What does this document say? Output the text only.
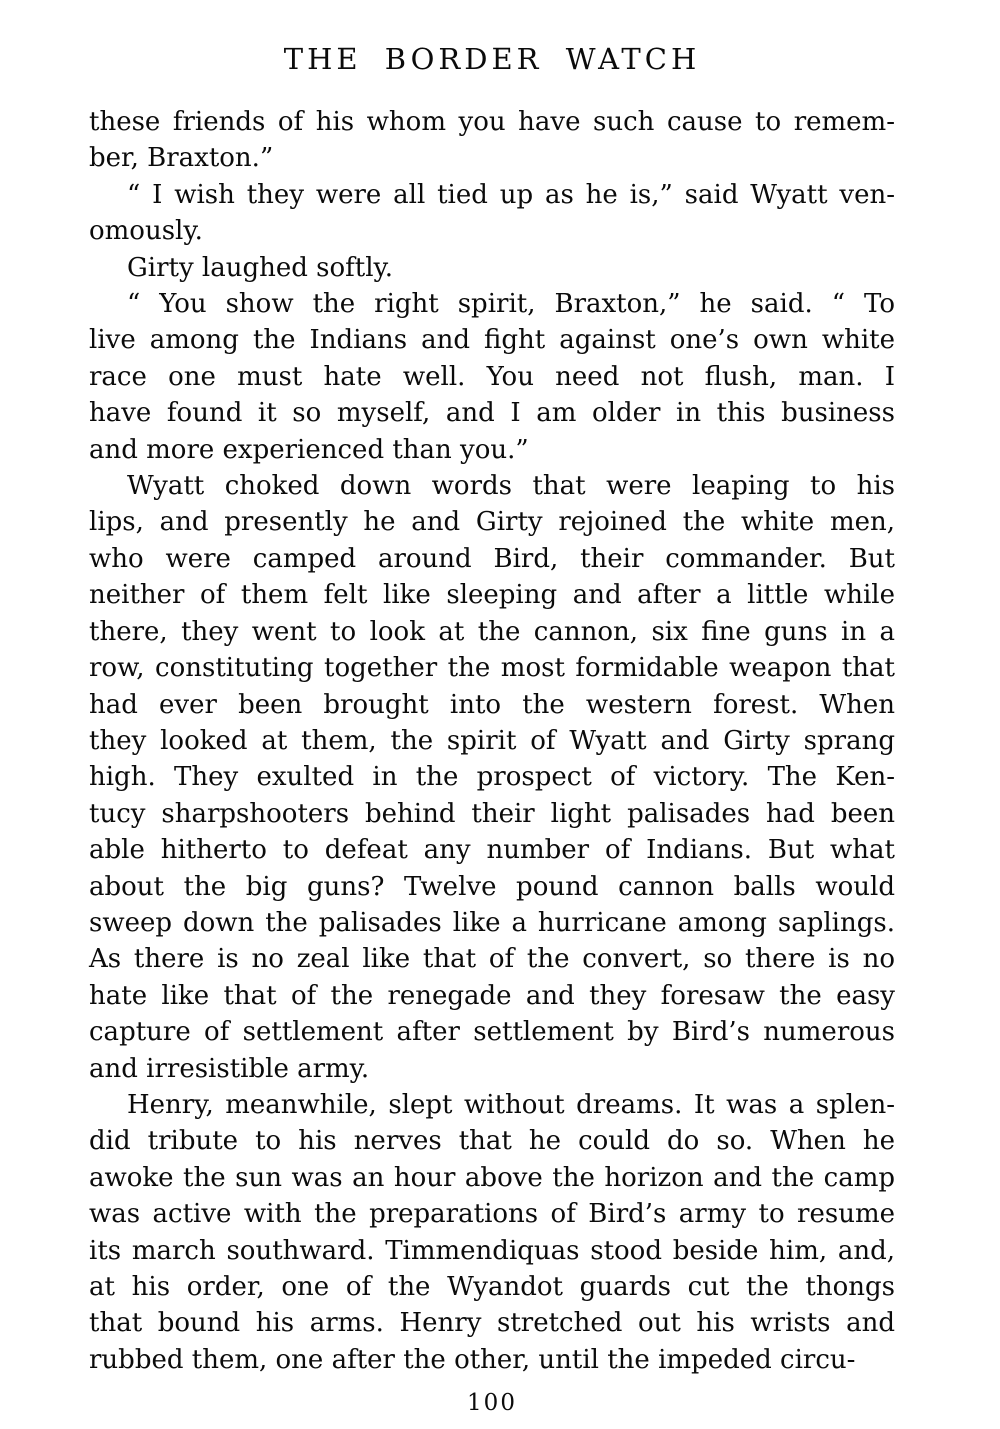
THE BORDER WATCH
these friends of his whom you have such cause to remem-
ber, Braxton.”
“ I wish they were all tied up as he is,” said Wyatt ven-
omously.
Girty laughed softly.
“ You show the right spirit, Braxton,” he said. “ To
live among the Indians and fight against one’s own white
race one must hate well. You need not flush, man. I
have found it so myself, and I am older in this business
and more experienced than you.”
Wyatt choked down words that were leaping to his
lips, and presently he and Girty rejoined the white men,
who were camped around Bird, their commander. But
neither of them felt like sleeping and after a little while
there, they went to look at the cannon, six fine guns in a
row, constituting together the most formidable weapon that
had ever been brought into the western forest. When
they looked at them, the spirit of Wyatt and Girty sprang
high. They exulted in the prospect of victory. The Ken-
tucy sharpshooters behind their light palisades had been
able hitherto to defeat any number of Indians. But what
about the big guns? Twelve pound cannon balls would
sweep down the palisades like a hurricane among saplings.
As there is no zeal like that of the convert, so there is no
hate like that of the renegade and they foresaw the easy
capture of settlement after settlement by Bird’s numerous
and irresistible army.
Henry, meanwhile, slept without dreams. It was a splen-
did tribute to his nerves that he could do so. When he
awoke the sun was an hour above the horizon and the camp
was active with the preparations of Bird’s army to resume
its march southward. Timmendiquas stood beside him, and,
at his order, one of the Wyandot guards cut the thongs
that bound his arms. Henry stretched out his wrists and
rubbed them, one after the other, until the impeded circu-
100
